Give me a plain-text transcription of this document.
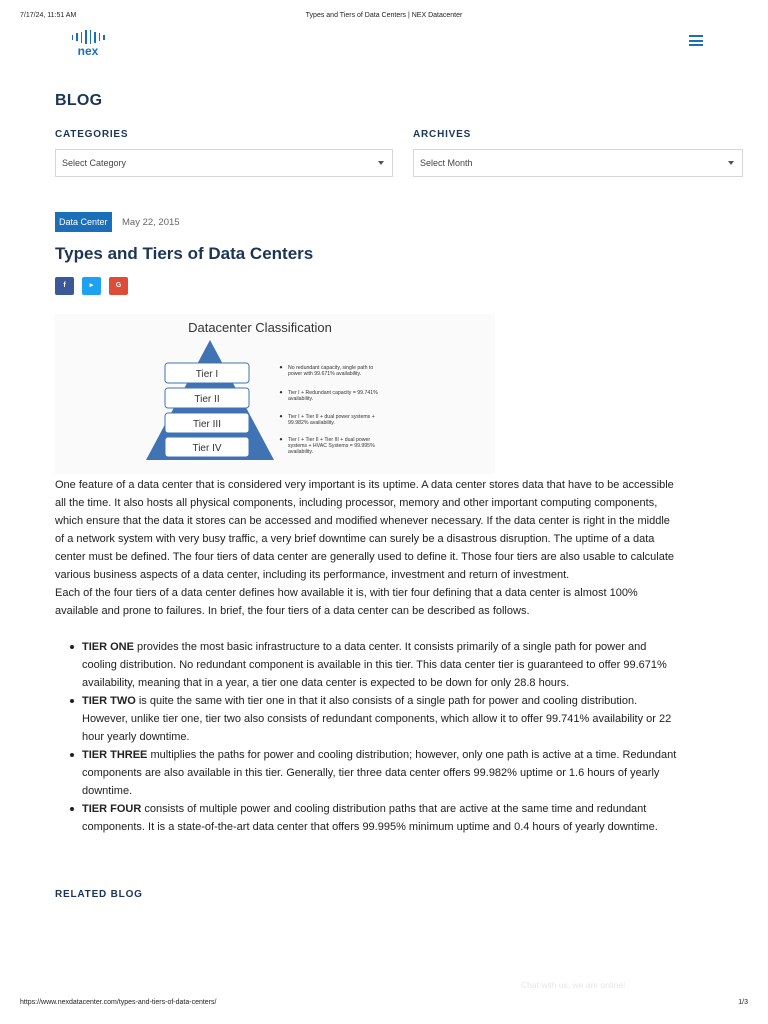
7/17/24, 11:51 AM	Types and Tiers of Data Centers | NEX Datacenter
nex
BLOG
CATEGORIES
Select Category
ARCHIVES
Select Month
Data Center	May 22, 2015
Types and Tiers of Data Centers
f	▸	G
Datacenter Classification
Tier I
Tier II
Tier III
Tier IV
No redundant capacity, single path to
power with 99.671% availability.
Tier I + Redundant capacity = 99.741%
availability.
Tier I + Tier II + dual power systems +
99.982% availability.
Tier I + Tier II + Tier III + dual power
systems + HVAC Systems = 99.995%
availability.

One feature of a data center that is considered very important is its uptime. A data center stores data that have to be accessible

all the time. It also hosts all physical components, including processor, memory and other important computing components,

which ensure that the data it stores can be accessed and modified whenever necessary. If the data center is right in the middle

of a network system with very busy traffic, a very brief downtime can surely be a disastrous disruption. The uptime of a data

center must be defined. The four tiers of data center are generally used to define it. Those four tiers are also usable to calculate

various business aspects of a data center, including its performance, investment and return of investment.

Each of the four tiers of a data center defines how available it is, with tier four defining that a data center is almost 100%

available and prone to failures. In brief, the four tiers of a data center can be described as follows.

TIER ONE provides the most basic infrastructure to a data center. It consists primarily of a single path for power and
cooling distribution. No redundant component is available in this tier. This data center tier is guaranteed to offer 99.671%
availability, meaning that in a year, a tier one data center is expected to be down for only 28.8 hours.
TIER TWO is quite the same with tier one in that it also consists of a single path for power and cooling distribution.
However, unlike tier one, tier two also consists of redundant components, which allow it to offer 99.741% availability or 22
hour yearly downtime.
TIER THREE multiplies the paths for power and cooling distribution; however, only one path is active at a time. Redundant
components are also available in this tier. Generally, tier three data center offers 99.982% uptime or 1.6 hours of yearly
downtime.
TIER FOUR consists of multiple power and cooling distribution paths that are active at the same time and redundant
components. It is a state-of-the-art data center that offers 99.995% minimum uptime and 0.4 hours of yearly downtime.
RELATED BLOG
Chat with us, we are online!
https://www.nexdatacenter.com/types-and-tiers-of-data-centers/	1/3
